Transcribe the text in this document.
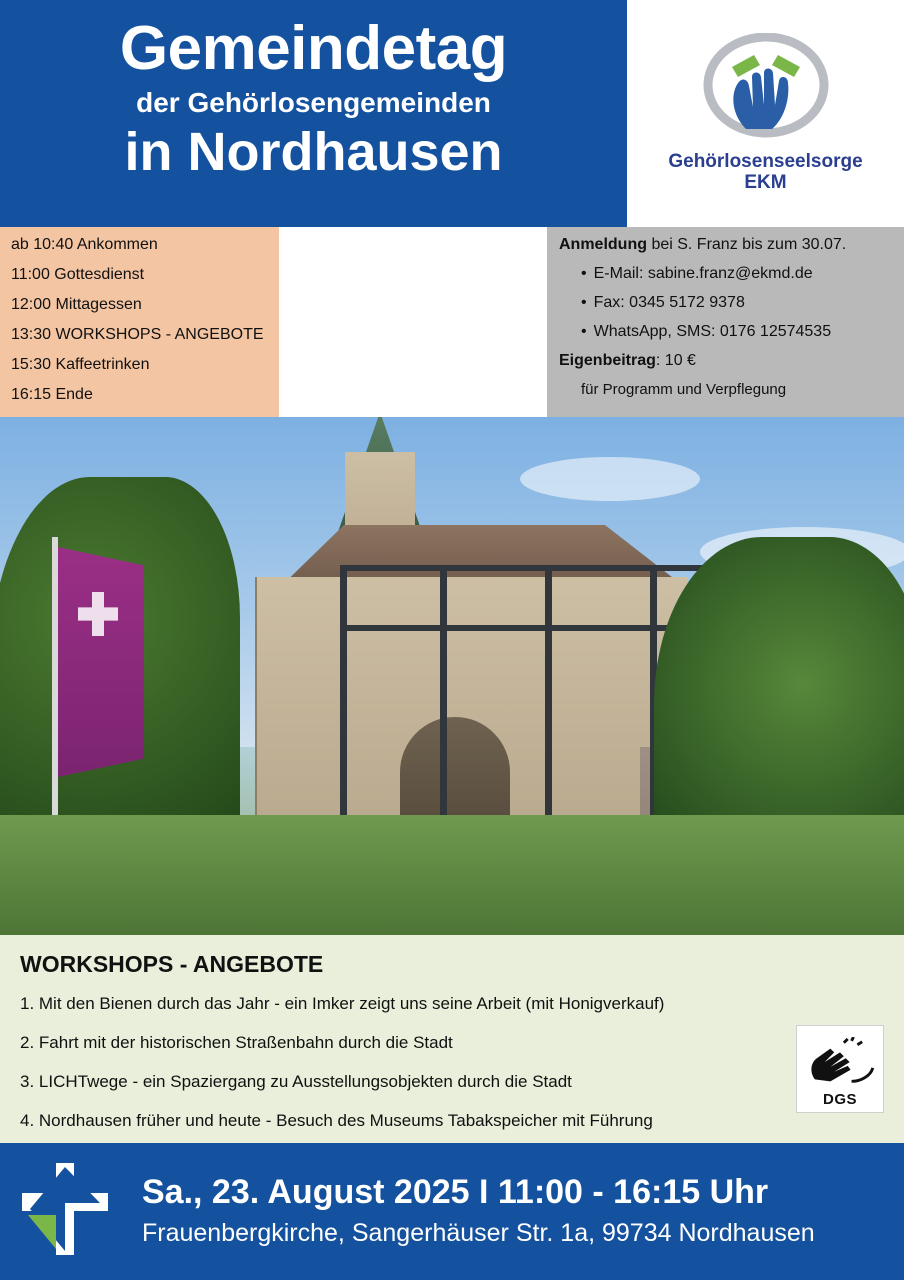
Gemeindetag
der Gehörlosengemeinden
in Nordhausen	Gehörlosenseelsorge
EKM
ab 10:40 Ankommen
11:00 Gottesdienst
12:00 Mittagessen
13:30 WORKSHOPS - ANGEBOTE
15:30 Kaffeetrinken
16:15 Ende
Anmeldung bei S. Franz bis zum 30.07.
• E-Mail: sabine.franz@ekmd.de
• Fax: 0345 5172 9378
• WhatsApp, SMS: 0176 12574535
Eigenbeitrag: 10 €
für Programm und Verpflegung
WORKSHOPS - ANGEBOTE
1. Mit den Bienen durch das Jahr - ein Imker zeigt uns seine Arbeit (mit Honigverkauf)
2. Fahrt mit der historischen Straßenbahn durch die Stadt
3. LICHTwege - ein Spaziergang zu Ausstellungsobjekten durch die Stadt
4. Nordhausen früher und heute - Besuch des Museums Tabakspeicher mit Führung
DGS
Sa., 23. August 2025 I 11:00 - 16:15 Uhr
Frauenbergkirche, Sangerhäuser Str. 1a, 99734 Nordhausen
